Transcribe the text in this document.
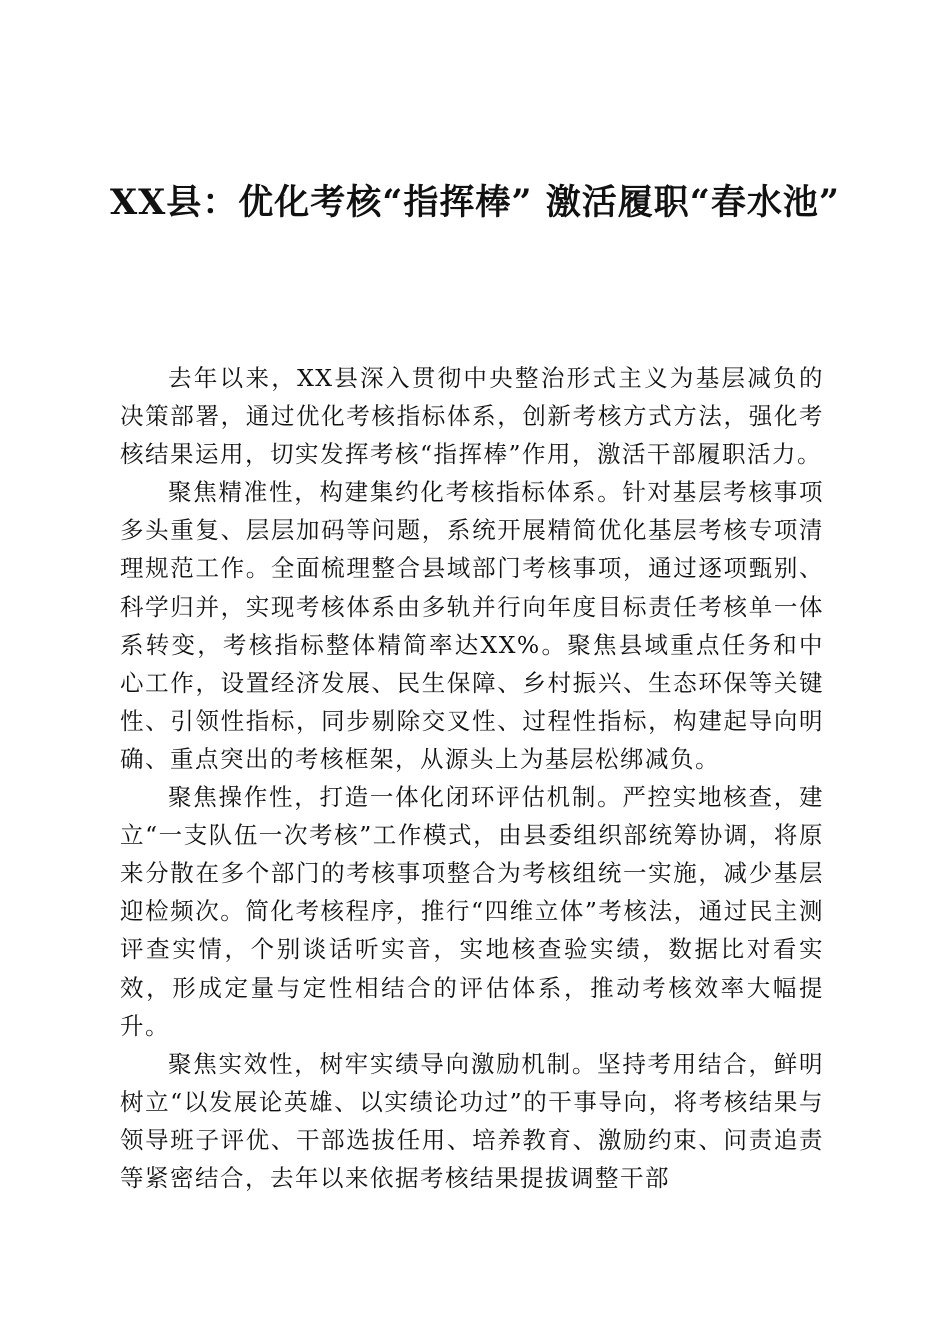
XX县：优化考核“指挥棒” 激活履职“春水池”

去年以来，XX县深入贯彻中央整治形式主义为基层减负的决策部署，通过优化考核指标体系，创新考核方式方法，强化考核结果运用，切实发挥考核“指挥棒”作用，激活干部履职活力。

聚焦精准性，构建集约化考核指标体系。针对基层考核事项多头重复、层层加码等问题，系统开展精简优化基层考核专项清理规范工作。全面梳理整合县域部门考核事项，通过逐项甄别、科学归并，实现考核体系由多轨并行向年度目标责任考核单一体系转变，考核指标整体精简率达XX%。聚焦县域重点任务和中心工作，设置经济发展、民生保障、乡村振兴、生态环保等关键性、引领性指标，同步剔除交叉性、过程性指标，构建起导向明确、重点突出的考核框架，从源头上为基层松绑减负。

聚焦操作性，打造一体化闭环评估机制。严控实地核查，建立“一支队伍一次考核”工作模式，由县委组织部统筹协调，将原来分散在多个部门的考核事项整合为考核组统一实施，减少基层迎检频次。简化考核程序，推行“四维立体”考核法，通过民主测评查实情，个别谈话听实音，实地核查验实绩，数据比对看实效，形成定量与定性相结合的评估体系，推动考核效率大幅提升。

聚焦实效性，树牢实绩导向激励机制。坚持考用结合，鲜明树立“以发展论英雄、以实绩论功过”的干事导向，将考核结果与领导班子评优、干部选拔任用、培养教育、激励约束、问责追责等紧密结合，去年以来依据考核结果提拔调整干部
